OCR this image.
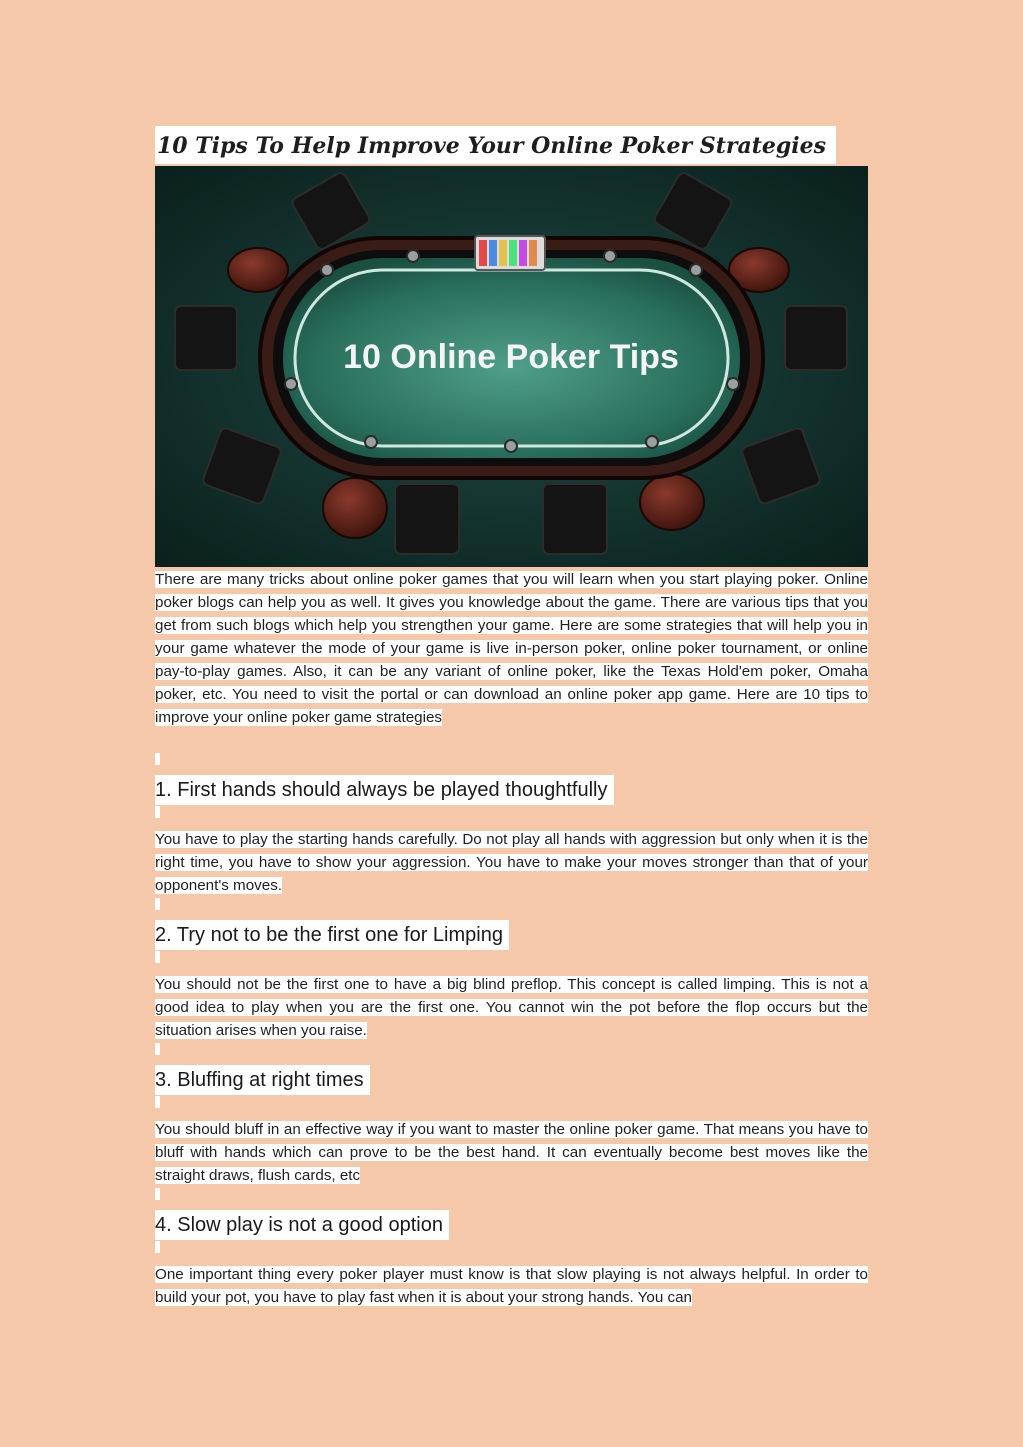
10 Tips To Help Improve Your Online Poker Strategies
10 Online Poker Tips

There are many tricks about online poker games that you will learn when you start playing poker. Online poker blogs can help you as well. It gives you knowledge about the game. There are various tips that you get from such blogs which help you strengthen your game. Here are some strategies that will help you in your game whatever the mode of your game is live in-person poker, online poker tournament, or online pay-to-play games. Also, it can be any variant of online poker, like the Texas Hold'em poker, Omaha poker, etc. You need to visit the portal or can download an online poker app game. Here are 10 tips to improve your online poker game strategies

1. First hands should always be played thoughtfully

You have to play the starting hands carefully. Do not play all hands with aggression but only when it is the right time, you have to show your aggression. You have to make your moves stronger than that of your opponent's moves.

2. Try not to be the first one for Limping

You should not be the first one to have a big blind preflop. This concept is called limping. This is not a good idea to play when you are the first one. You cannot win the pot before the flop occurs but the situation arises when you raise.

3. Bluffing at right times

You should bluff in an effective way if you want to master the online poker game. That means you have to bluff with hands which can prove to be the best hand. It can eventually become best moves like the straight draws, flush cards, etc

4. Slow play is not a good option

One important thing every poker player must know is that slow playing is not always helpful. In order to build your pot, you have to play fast when it is about your strong hands. You can
